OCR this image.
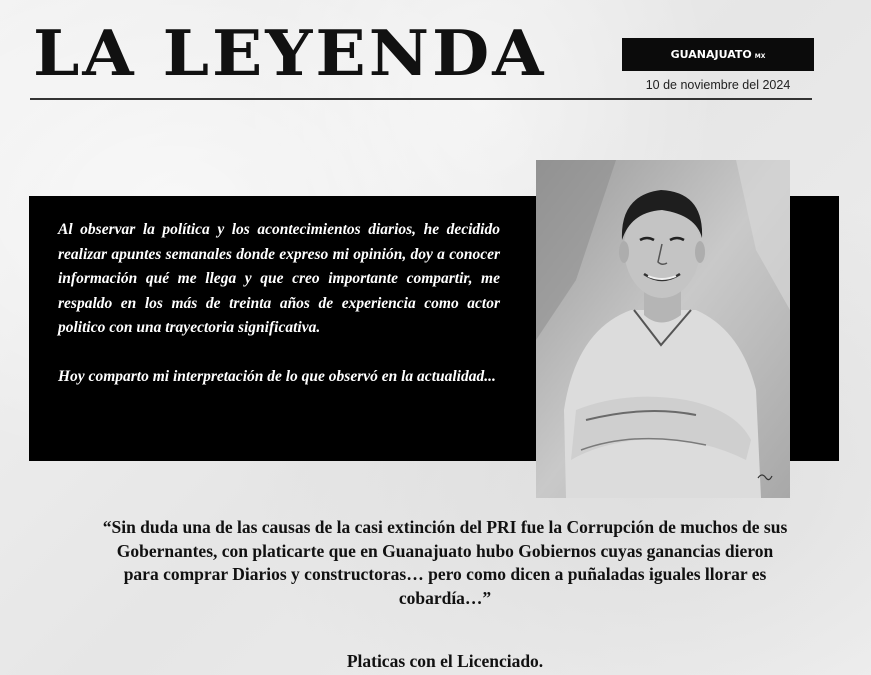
LA LEYENDA	GUANAJUATO MX
10 de noviembre del 2024

Al observar la política y los acontecimientos diarios, he decidido realizar apuntes semanales donde expreso mi opinión, doy a conocer información qué me llega y que creo importante compartir, me respaldo en los más de treinta años de experiencia como actor politico con una trayectoria significativa.

Hoy comparto mi interpretación de lo que observó en la actualidad...

“Sin duda una de las causas de la casi extinción del PRI fue la Corrupción de muchos de sus Gobernantes, con platicarte que en Guanajuato hubo Gobiernos cuyas ganancias dieron para comprar Diarios y constructoras… pero como dicen a puñaladas iguales llorar es cobardía…”
Platicas con el Licenciado.
